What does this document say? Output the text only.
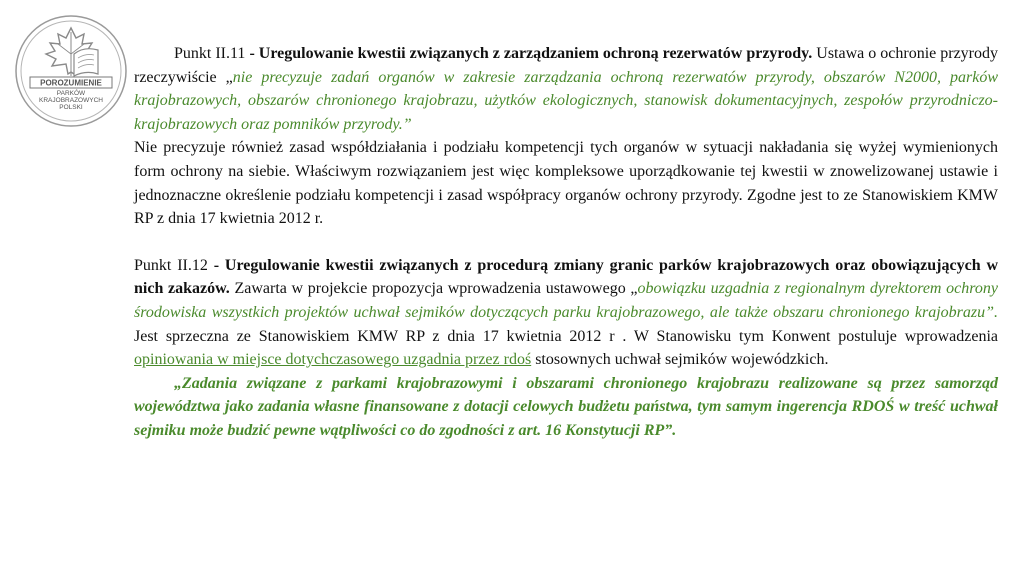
POROZUMIENIE
PARKÓW
KRAJOBRAZOWYCH
POLSKI

Punkt II.11 - Uregulowanie kwestii związanych z zarządzaniem ochroną rezerwatów przyrody. Ustawa o ochronie przyrody rzeczywiście „nie precyzuje zadań organów w zakresie zarządzania ochroną rezerwatów przyrody, obszarów N2000, parków krajobrazowych, obszarów chronionego krajobrazu, użytków ekologicznych, stanowisk dokumentacyjnych, zespołów przyrodniczo-krajobrazowych oraz pomników przyrody.”

Nie precyzuje również zasad współdziałania i podziału kompetencji tych organów w sytuacji nakładania się wyżej wymienionych form ochrony na siebie. Właściwym rozwiązaniem jest więc kompleksowe uporządkowanie tej kwestii w znowelizowanej ustawie i jednoznaczne określenie podziału kompetencji i zasad współpracy organów ochrony przyrody. Zgodne jest to ze Stanowiskiem KMW RP z dnia 17 kwietnia 2012 r.

Punkt II.12 - Uregulowanie kwestii związanych z procedurą zmiany granic parków krajobrazowych oraz obowiązujących w nich zakazów. Zawarta w projekcie propozycja wprowadzenia ustawowego „obowiązku uzgadnia z regionalnym dyrektorem ochrony środowiska wszystkich projektów uchwał sejmików dotyczących parku krajobrazowego, ale także obszaru chronionego krajobrazu”. Jest sprzeczna ze Stanowiskiem KMW RP z dnia 17 kwietnia 2012 r . W Stanowisku tym Konwent postuluje wprowadzenia opiniowania w miejsce dotychczasowego uzgadnia przez rdoś stosownych uchwał sejmików wojewódzkich.

„Zadania związane z parkami krajobrazowymi i obszarami chronionego krajobrazu realizowane są przez samorząd województwa jako zadania własne finansowane z dotacji celowych budżetu państwa, tym samym ingerencja RDOŚ w treść uchwał sejmiku może budzić pewne wątpliwości co do zgodności z art. 16 Konstytucji RP”.
